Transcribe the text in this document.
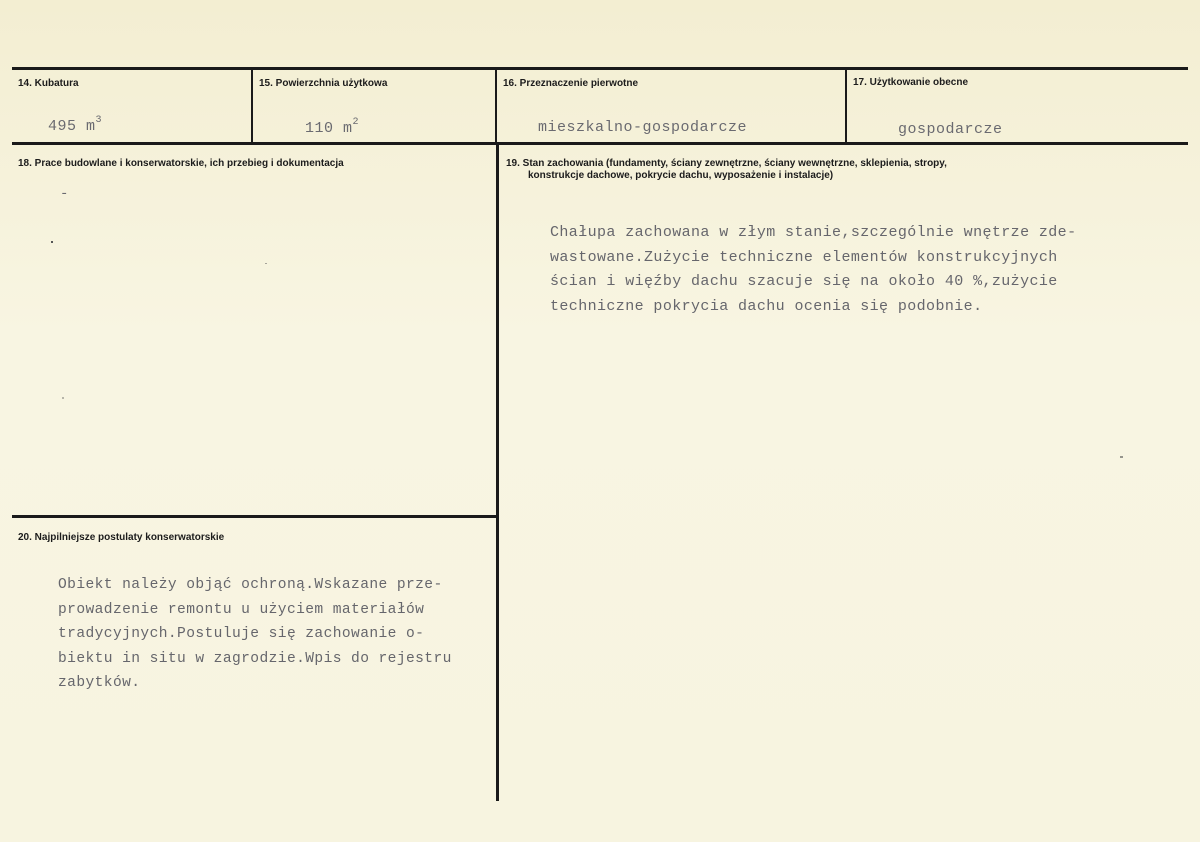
14. Kubatura
495 $m^3$
15. Powierzchnia użytkowa
110 $m^2$
16. Przeznaczenie pierwotne
mieszkalno-gospodarcze
17. Użytkowanie obecne
gospodarcze
18. Prace budowlane i konserwatorskie, ich przebieg i dokumentacja
-
19. Stan zachowania (fundamenty, ściany zewnętrzne, ściany wewnętrzne, sklepienia, stropy,
konstrukcje dachowe, pokrycie dachu, wyposażenie i instalacje)
Chałupa zachowana w złym stanie,szczególnie wnętrze zde-
wastowane.Zużycie techniczne elementów konstrukcyjnych
ścian i więźby dachu szacuje się na około 40 %,zużycie
techniczne pokrycia dachu ocenia się podobnie.
20. Najpilniejsze postulaty konserwatorskie
Obiekt należy objąć ochroną.Wskazane prze-
prowadzenie remontu u użyciem materiałów
tradycyjnych.Postuluje się zachowanie o-
biektu in situ w zagrodzie.Wpis do rejestru
zabytków.
